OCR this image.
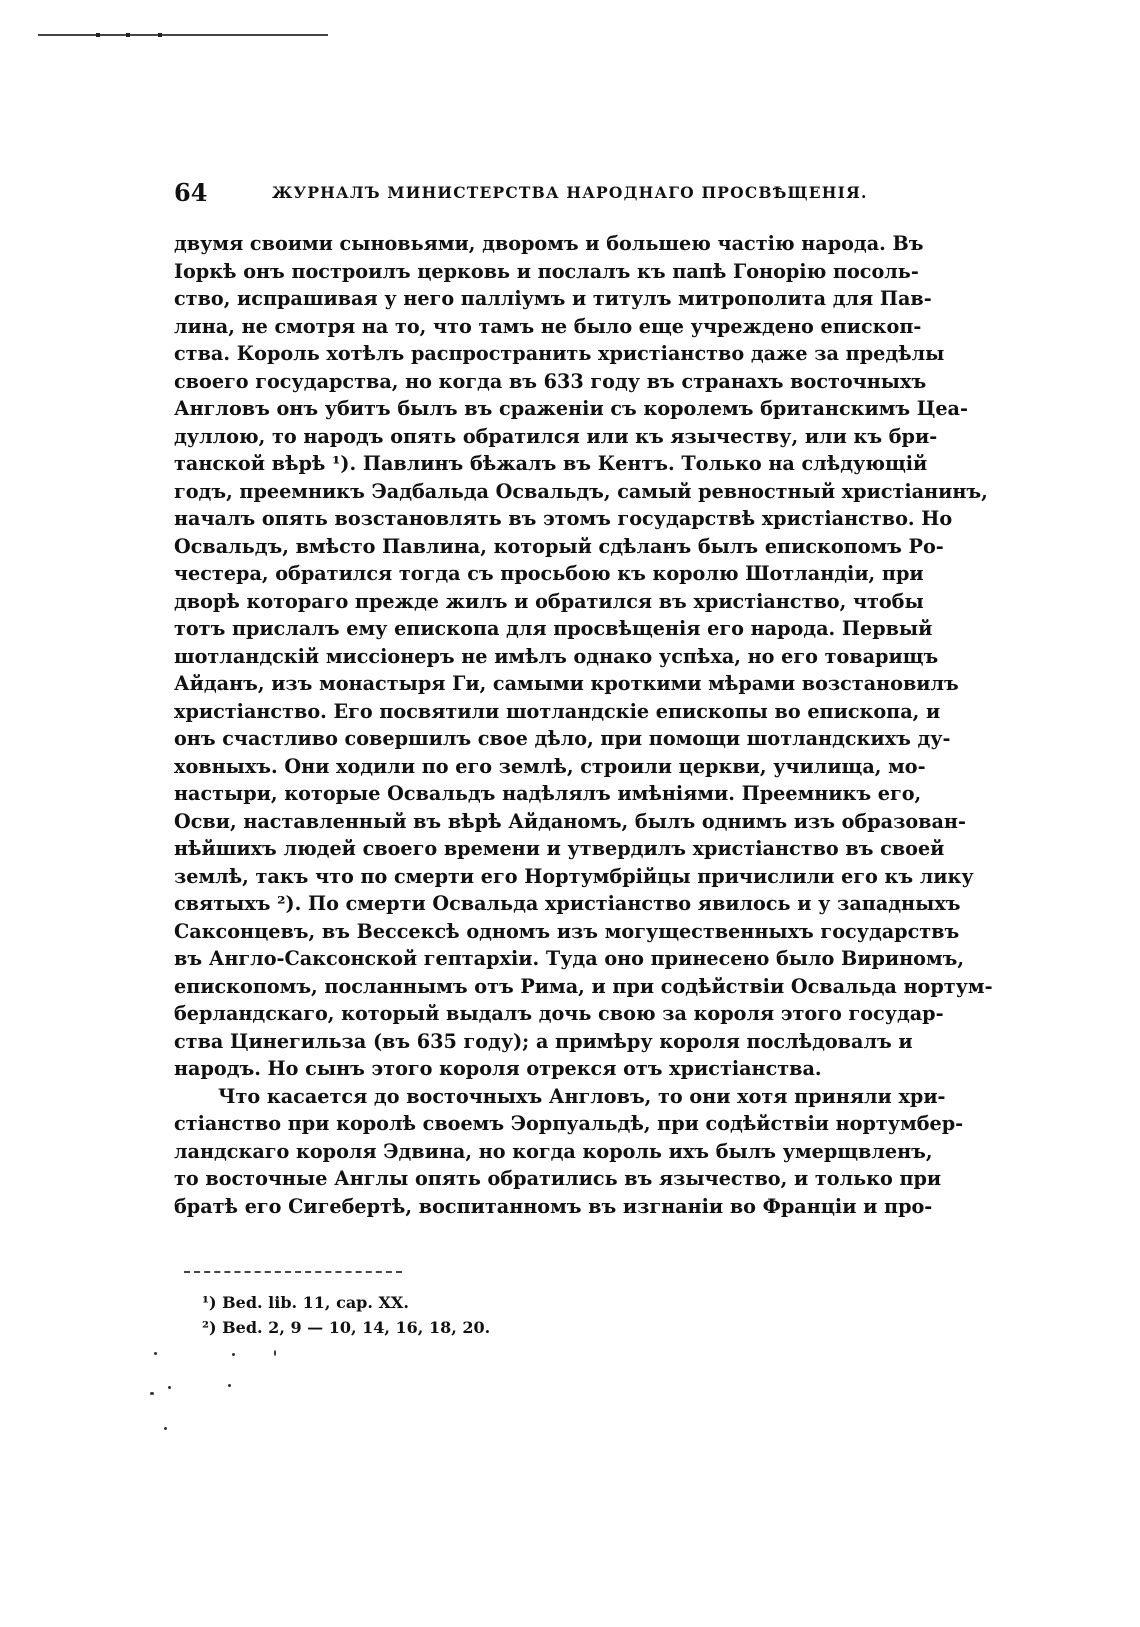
64	ЖУРНАЛЪ МИНИСТЕРСТВА НАРОДНАГО ПРОСВѢЩЕНІЯ.
двумя своими сыновьями, дворомъ и большею частію народа. Въ
Іоркѣ онъ построилъ церковь и послалъ къ папѣ Гонорію посоль-
ство, испрашивая у него палліумъ и титулъ митрополита для Пав-
лина, не смотря на то, что тамъ не было еще учреждено епископ-
ства. Король хотѣлъ распространить христіанство даже за предѣлы
своего государства, но когда въ 633 году въ странахъ восточныхъ
Англовъ онъ убитъ былъ въ сраженіи съ королемъ британскимъ Цеа-
дуллою, то народъ опять обратился или къ язычеству, или къ бри-
танской вѣрѣ ¹). Павлинъ бѣжалъ въ Кентъ. Только на слѣдующій
годъ, преемникъ Эадбальда Освальдъ, самый ревностный христіанинъ,
началъ опять возстановлять въ этомъ государствѣ христіанство. Но
Освальдъ, вмѣсто Павлина, который сдѣланъ былъ епископомъ Ро-
честера, обратился тогда съ просьбою къ королю Шотландіи, при
дворѣ котораго прежде жилъ и обратился въ христіанство, чтобы
тотъ прислалъ ему епископа для просвѣщенія его народа. Первый
шотландскій миссіонеръ не имѣлъ однако успѣха, но его товарищъ
Айданъ, изъ монастыря Ги, самыми кроткими мѣрами возстановилъ
христіанство. Его посвятили шотландскіе епископы во епископа, и
онъ счастливо совершилъ свое дѣло, при помощи шотландскихъ ду-
ховныхъ. Они ходили по его землѣ, строили церкви, училища, мо-
настыри, которые Освальдъ надѣлялъ имѣніями. Преемникъ его,
Осви, наставленный въ вѣрѣ Айданомъ, былъ однимъ изъ образован-
нѣйшихъ людей своего времени и утвердилъ христіанство въ своей
землѣ, такъ что по смерти его Нортумбрійцы причислили его къ лику
святыхъ ²). По смерти Освальда христіанство явилось и у западныхъ
Саксонцевъ, въ Вессексѣ одномъ изъ могущественныхъ государствъ
въ Англо-Саксонской гептархіи. Туда оно принесено было Вириномъ,
епископомъ, посланнымъ отъ Рима, и при содѣйствіи Освальда нортум-
берландскаго, который выдалъ дочь свою за короля этого государ-
ства Цинегильза (въ 635 году); а примѣру короля послѣдовалъ и
народъ. Но сынъ этого короля отрекся отъ христіанства.
Что касается до восточныхъ Англовъ, то они хотя приняли хри-
стіанство при королѣ своемъ Эорпуальдѣ, при содѣйствіи нортумбер-
ландскаго короля Эдвина, но когда король ихъ былъ умерщвленъ,
то восточные Англы опять обратились въ язычество, и только при
братѣ его Сигебертѣ, воспитанномъ въ изгнаніи во Франціи и про-
¹) Bed. lib. 11, cap. XX.
²) Bed. 2, 9 — 10, 14, 16, 18, 20.
